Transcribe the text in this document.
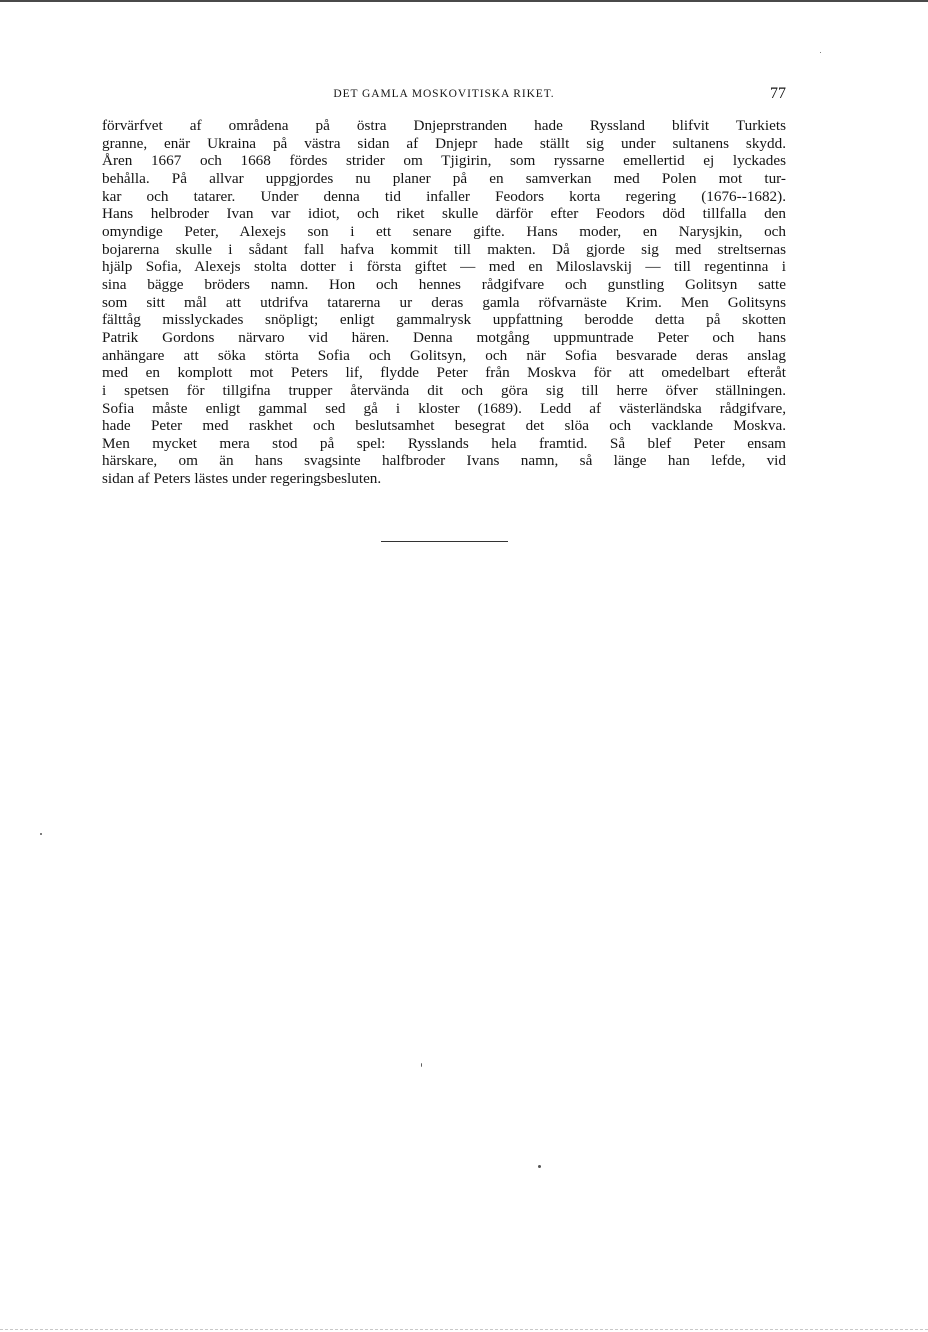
DET GAMLA MOSKOVITISKA RIKET.	77

förvärfvet af områdena på östra Dnjeprstranden hade Ryssland blifvit Turkiets
granne, enär Ukraina på västra sidan af Dnjepr hade ställt sig under sultanens skydd.
Åren 1667 och 1668 fördes strider om Tjigirin, som ryssarne emellertid ej lyckades
behålla. På allvar uppgjordes nu planer på en samverkan med Polen mot tur-
kar och tatarer. Under denna tid infaller Feodors korta regering (1676--1682).
Hans helbroder Ivan var idiot, och riket skulle därför efter Feodors död tillfalla den
omyndige Peter, Alexejs son i ett senare gifte. Hans moder, en Narysjkin, och
bojarerna skulle i sådant fall hafva kommit till makten. Då gjorde sig med streltsernas
hjälp Sofia, Alexejs stolta dotter i första giftet — med en Miloslavskij — till regentinna i
sina bägge bröders namn. Hon och hennes rådgifvare och gunstling Golitsyn satte
som sitt mål att utdrifva tatarerna ur deras gamla röfvarnäste Krim. Men Golitsyns
fälttåg misslyckades snöpligt; enligt gammalrysk uppfattning berodde detta på skotten
Patrik Gordons närvaro vid hären. Denna motgång uppmuntrade Peter och hans
anhängare att söka störta Sofia och Golitsyn, och när Sofia besvarade deras anslag
med en komplott mot Peters lif, flydde Peter från Moskva för att omedelbart efteråt
i spetsen för tillgifna trupper återvända dit och göra sig till herre öfver ställningen.
Sofia måste enligt gammal sed gå i kloster (1689). Ledd af västerländska rådgifvare,
hade Peter med raskhet och beslutsamhet besegrat det slöa och vacklande Moskva.
Men mycket mera stod på spel: Rysslands hela framtid. Så blef Peter ensam
härskare, om än hans svagsinte halfbroder Ivans namn, så länge han lefde, vid
sidan af Peters lästes under regeringsbesluten.
